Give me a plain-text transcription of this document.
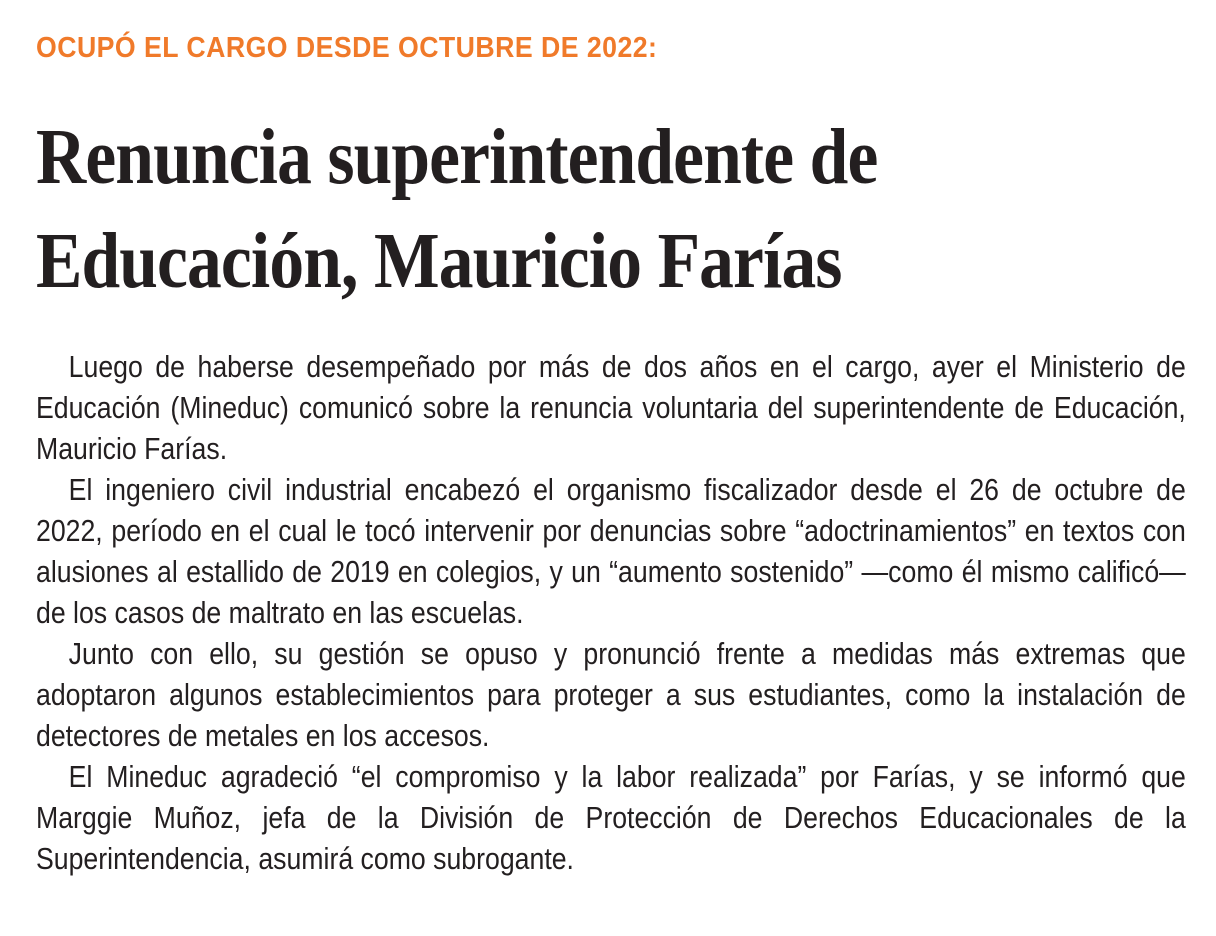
OCUPÓ EL CARGO DESDE OCTUBRE DE 2022:
Renuncia superintendente de
Educación, Mauricio Farías

Luego de haberse desempeñado por más de dos años en el cargo, ayer el Ministerio de Educación (Mineduc) comunicó sobre la renuncia voluntaria del superintendente de Educación, Mauricio Farías.

El ingeniero civil industrial encabezó el organismo fiscalizador desde el 26 de octubre de 2022, período en el cual le tocó intervenir por denuncias sobre “adoctrinamientos” en textos con alusiones al estallido de 2019 en colegios, y un “aumento sostenido” —como él mismo calificó— de los casos de maltrato en las escuelas.

Junto con ello, su gestión se opuso y pronunció frente a medidas más extremas que adoptaron algunos establecimientos para proteger a sus estudiantes, como la instalación de detectores de metales en los accesos.

El Mineduc agradeció “el compromiso y la labor realizada” por Farías, y se informó que Marggie Muñoz, jefa de la División de Protección de Derechos Educacionales de la Superintendencia, asumirá como subrogante.
